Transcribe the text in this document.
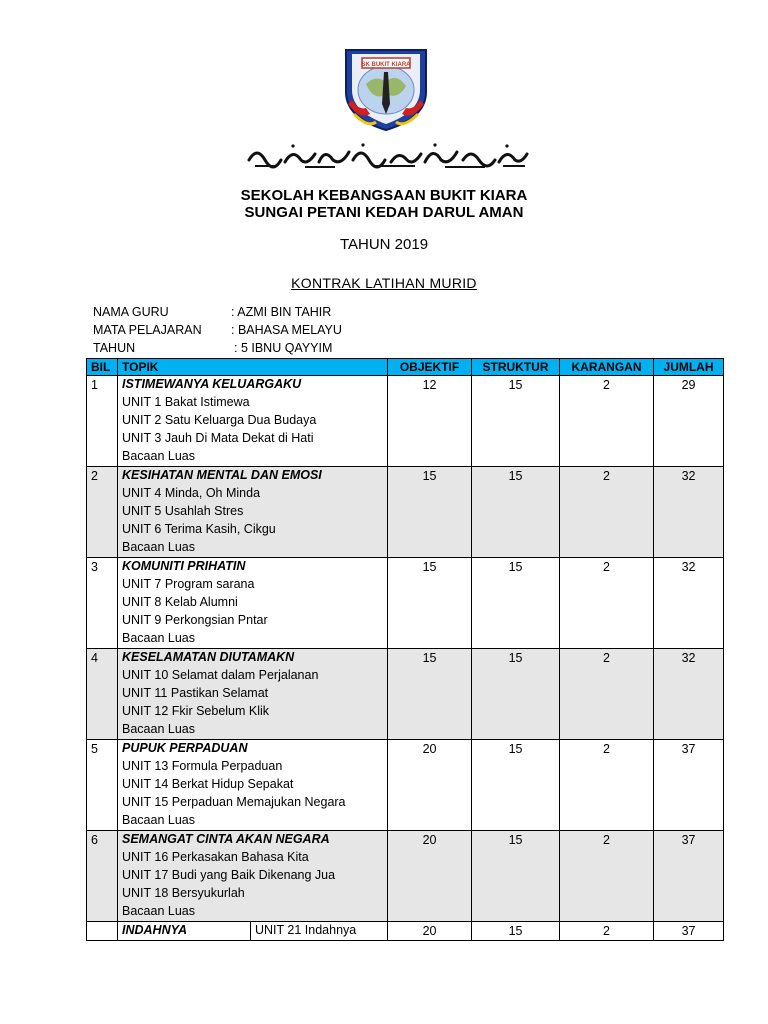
SK BUKIT KIARA
SEKOLAH KEBANGSAAN BUKIT KIARA
SUNGAI PETANI KEDAH DARUL AMAN
TAHUN 2019
KONTRAK LATIHAN MURID
NAMA GURU	: AZMI BIN TAHIR
MATA PELAJARAN : BAHASA MELAYU
TAHUN	: 5 IBNU QAYYIM
BIL	TOPIK		OBJEKTIF	STRUKTUR	KARANGAN	JUMLAH
1	ISTIMEWANYA KELUARGAKU
UNIT 1 Bakat Istimewa
UNIT 2 Satu Keluarga Dua Budaya
UNIT 3 Jauh Di Mata Dekat di Hati
Bacaan Luas		12	15	2	29
2	KESIHATAN MENTAL DAN EMOSI
UNIT 4 Minda, Oh Minda
UNIT 5 Usahlah Stres
UNIT 6 Terima Kasih, Cikgu
Bacaan Luas		15	15	2	32
3	KOMUNITI PRIHATIN
UNIT 7 Program sarana
UNIT 8 Kelab Alumni
UNIT 9 Perkongsian Pntar
Bacaan Luas		15	15	2	32
4	KESELAMATAN DIUTAMAKN
UNIT 10 Selamat dalam Perjalanan
UNIT 11 Pastikan Selamat
UNIT 12 Fkir Sebelum Klik
Bacaan Luas		15	15	2	32
5	PUPUK PERPADUAN
UNIT 13 Formula Perpaduan
UNIT 14 Berkat Hidup Sepakat
UNIT 15 Perpaduan Memajukan Negara
Bacaan Luas		20	15	2	37
6	SEMANGAT CINTA AKAN NEGARA
UNIT 16 Perkasakan Bahasa Kita
UNIT 17 Budi yang Baik Dikenang Jua
UNIT 18 Bersyukurlah
Bacaan Luas		20	15	2	37

	INDAHNYA	UNIT 21 Indahnya	20	15	2	37
